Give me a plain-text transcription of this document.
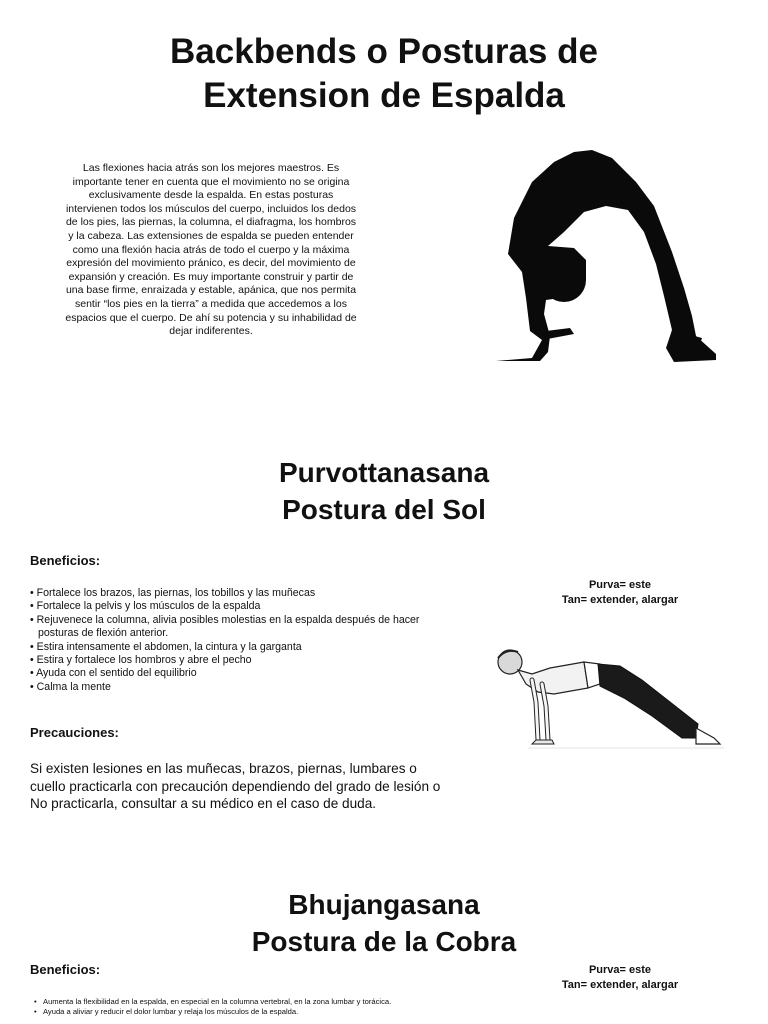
Backbends o Posturas de
Extension de Espalda

Las flexiones hacia atrás son los mejores maestros. Es importante tener en cuenta que el movimiento no se origina exclusivamente desde la espalda. En estas posturas intervienen todos los músculos del cuerpo, incluidos los dedos de los pies, las piernas, la columna, el diafragma, los hombros y la cabeza. Las extensiones de espalda se pueden entender como una flexión hacia atrás de todo el cuerpo y la máxima expresión del movimiento pránico, es decir, del movimiento de expansión y creación. Es muy importante construir y partir de una base firme, enraizada y estable, apánica, que nos permita sentir “los pies en la tierra” a medida que accedemos a los espacios que el cuerpo. De ahí su potencia y su inhabilidad de dejar indiferentes.

Purvottanasana
Postura del Sol
Beneficios:
• Fortalece los brazos, las piernas, los tobillos y las muñecas
• Fortalece la pelvis y los músculos de la espalda
• Rejuvenece la columna, alivia posibles molestias en la espalda después de hacer posturas de flexión anterior.
• Estira intensamente el abdomen, la cintura y la garganta
• Estira y fortalece los hombros y abre el pecho
• Ayuda con el sentido del equilibrio
• Calma la mente
Precauciones:

Si existen lesiones en las muñecas, brazos, piernas, lumbares o cuello practicarla con precaución dependiendo del grado de lesión o No practicarla, consultar a su médico en el caso de duda.

Purva= este
Tan= extender, alargar

Bhujangasana
Postura de la Cobra
Beneficios:	Purva= este
Tan= extender, alargar

•   Aumenta la flexibilidad en la espalda, en especial en la columna vertebral, en la zona lumbar y torácica.
•   Ayuda a aliviar y reducir el dolor lumbar y relaja los músculos de la espalda.
